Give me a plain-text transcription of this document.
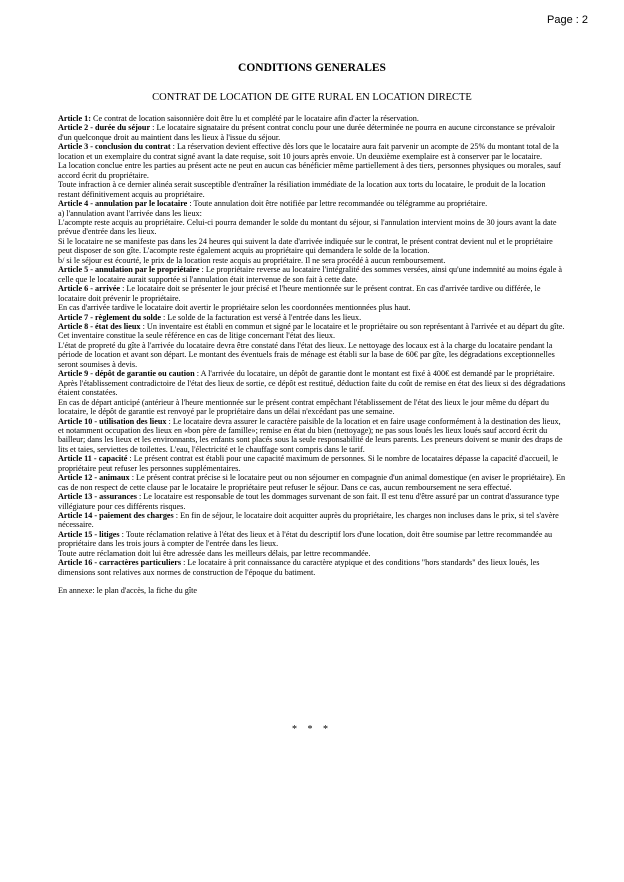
Page : 2
CONDITIONS GENERALES
CONTRAT DE LOCATION DE GITE RURAL EN LOCATION DIRECTE

Article 1: Ce contrat de location saisonnière doit être lu et complété par le locataire afin d'acter la réservation.

Article 2 - durée du séjour : Le locataire signataire du présent contrat conclu pour une durée déterminée ne pourra en aucune circonstance se prévaloir d'un quelconque droit au maintient dans les lieux à l'issue du séjour.

Article 3 - conclusion du contrat : La réservation devient effective dès lors que le locataire aura fait parvenir un acompte de 25% du montant total de la location et un exemplaire du contrat signé avant la date requise, soit 10 jours après envoie. Un deuxième exemplaire est à conserver par le locataire.

La location conclue entre les parties au présent acte ne peut en aucun cas bénéficier même partiellement à des tiers, personnes physiques ou morales, sauf accord écrit du propriétaire.

Toute infraction à ce dernier alinéa serait susceptible d'entraîner la résiliation immédiate de la location aux torts du locataire, le produit de la location restant définitivement acquis au propriétaire.

Article 4 - annulation par le locataire : Toute annulation doit être notifiée par lettre recommandée ou télégramme au propriétaire.

a) l'annulation avant l'arrivée dans les lieux:

L'acompte reste acquis au propriétaire. Celui-ci pourra demander le solde du montant du séjour, si l'annulation intervient moins de 30 jours avant la date prévue d'entrée dans les lieux.

Si le locataire ne se manifeste pas dans les 24 heures qui suivent la date d'arrivée indiquée sur le contrat, le présent contrat devient nul et le propriétaire peut disposer de son gîte. L'acompte reste également acquis au propriétaire qui demandera le solde de la location.

b/ si le séjour est écourté, le prix de la location reste acquis au propriétaire. Il ne sera procédé à aucun remboursement.

Article 5 - annulation par le propriétaire : Le propriétaire reverse au locataire l'intégralité des sommes versées, ainsi qu'une indemnité au moins égale à celle que le locataire aurait supportée si l'annulation était intervenue de son fait à cette date.

Article 6 - arrivée : Le locataire doit se présenter le jour précisé et l'heure mentionnée sur le présent contrat. En cas d'arrivée tardive ou différée, le locataire doit prévenir le propriétaire.

En cas d'arrivée tardive le locataire doit avertir le propriétaire selon les coordonnées mentionnées plus haut.

Article 7 - règlement du solde : Le solde de la facturation est versé à l'entrée dans les lieux.

Article 8 - état des lieux : Un inventaire est établi en commun et signé par le locataire et le propriétaire ou son représentant à l'arrivée et au départ du gîte. Cet inventaire constitue la seule référence en cas de litige concernant l'état des lieux.

L'état de propreté du gîte à l'arrivée du locataire devra être constaté dans l'état des lieux. Le nettoyage des locaux est à la charge du locataire pendant la période de location et avant son départ. Le montant des éventuels frais de ménage est établi sur la base de 60€ par gîte, les dégradations exceptionnelles seront soumises à devis.

Article 9 - dépôt de garantie ou caution : A l'arrivée du locataire, un dépôt de garantie dont le montant est fixé à 400€ est demandé par le propriétaire. Après l'établissement contradictoire de l'état des lieux de sortie, ce dépôt est restitué, déduction faite du coût de remise en état des lieux si des dégradations étaient constatées.

En cas de départ anticipé (antérieur à l'heure mentionnée sur le présent contrat empêchant l'établissement de l'état des lieux le jour même du départ du locataire, le dépôt de garantie est renvoyé par le propriétaire dans un délai n'excédant pas une semaine.

Article 10 - utilisation des lieux : Le locataire devra assurer le caractère paisible de la location et en faire usage conformément à la destination des lieux, et notamment occupation des lieux en «bon père de famille»; remise en état du bien (nettoyage); ne pas sous loués les lieux loués sauf accord écrit du bailleur; dans les lieux et les environnants, les enfants sont placés sous la seule responsabilité de leurs parents. Les preneurs doivent se munir des draps de lits et taies, serviettes de toilettes. L'eau, l'électricité et le chauffage sont compris dans le tarif.

Article 11 - capacité : Le présent contrat est établi pour une capacité maximum de personnes. Si le nombre de locataires dépasse la capacité d'accueil, le propriétaire peut refuser les personnes supplémentaires.

Article 12 - animaux : Le présent contrat précise si le locataire peut ou non séjourner en compagnie d'un animal domestique (en aviser le propriétaire). En cas de non respect de cette clause par le locataire le propriétaire peut refuser le séjour. Dans ce cas, aucun remboursement ne sera effectué.

Article 13 - assurances : Le locataire est responsable de tout les dommages survenant de son fait. Il est tenu d'être assuré par un contrat d'assurance type villégiature pour ces différents risques.

Article 14 - paiement des charges : En fin de séjour, le locataire doit acquitter auprès du propriétaire, les charges non incluses dans le prix, si tel s'avère nécessaire.

Article 15 - litiges : Toute réclamation relative à l'état des lieux et à l'état du descriptif lors d'une location, doit être soumise par lettre recommandée au propriétaire dans les trois jours à compter de l'entrée dans les lieux.

Toute autre réclamation doit lui être adressée dans les meilleurs délais, par lettre recommandée.

Article 16 - carractères particuliers : Le locataire à prit connaissance du caractère atypique et des conditions "hors standards" des lieux loués, les dimensions sont relatives aux normes de construction de l'époque du batiment.

En annexe: le plan d'accès, la fiche du gîte

* * *
